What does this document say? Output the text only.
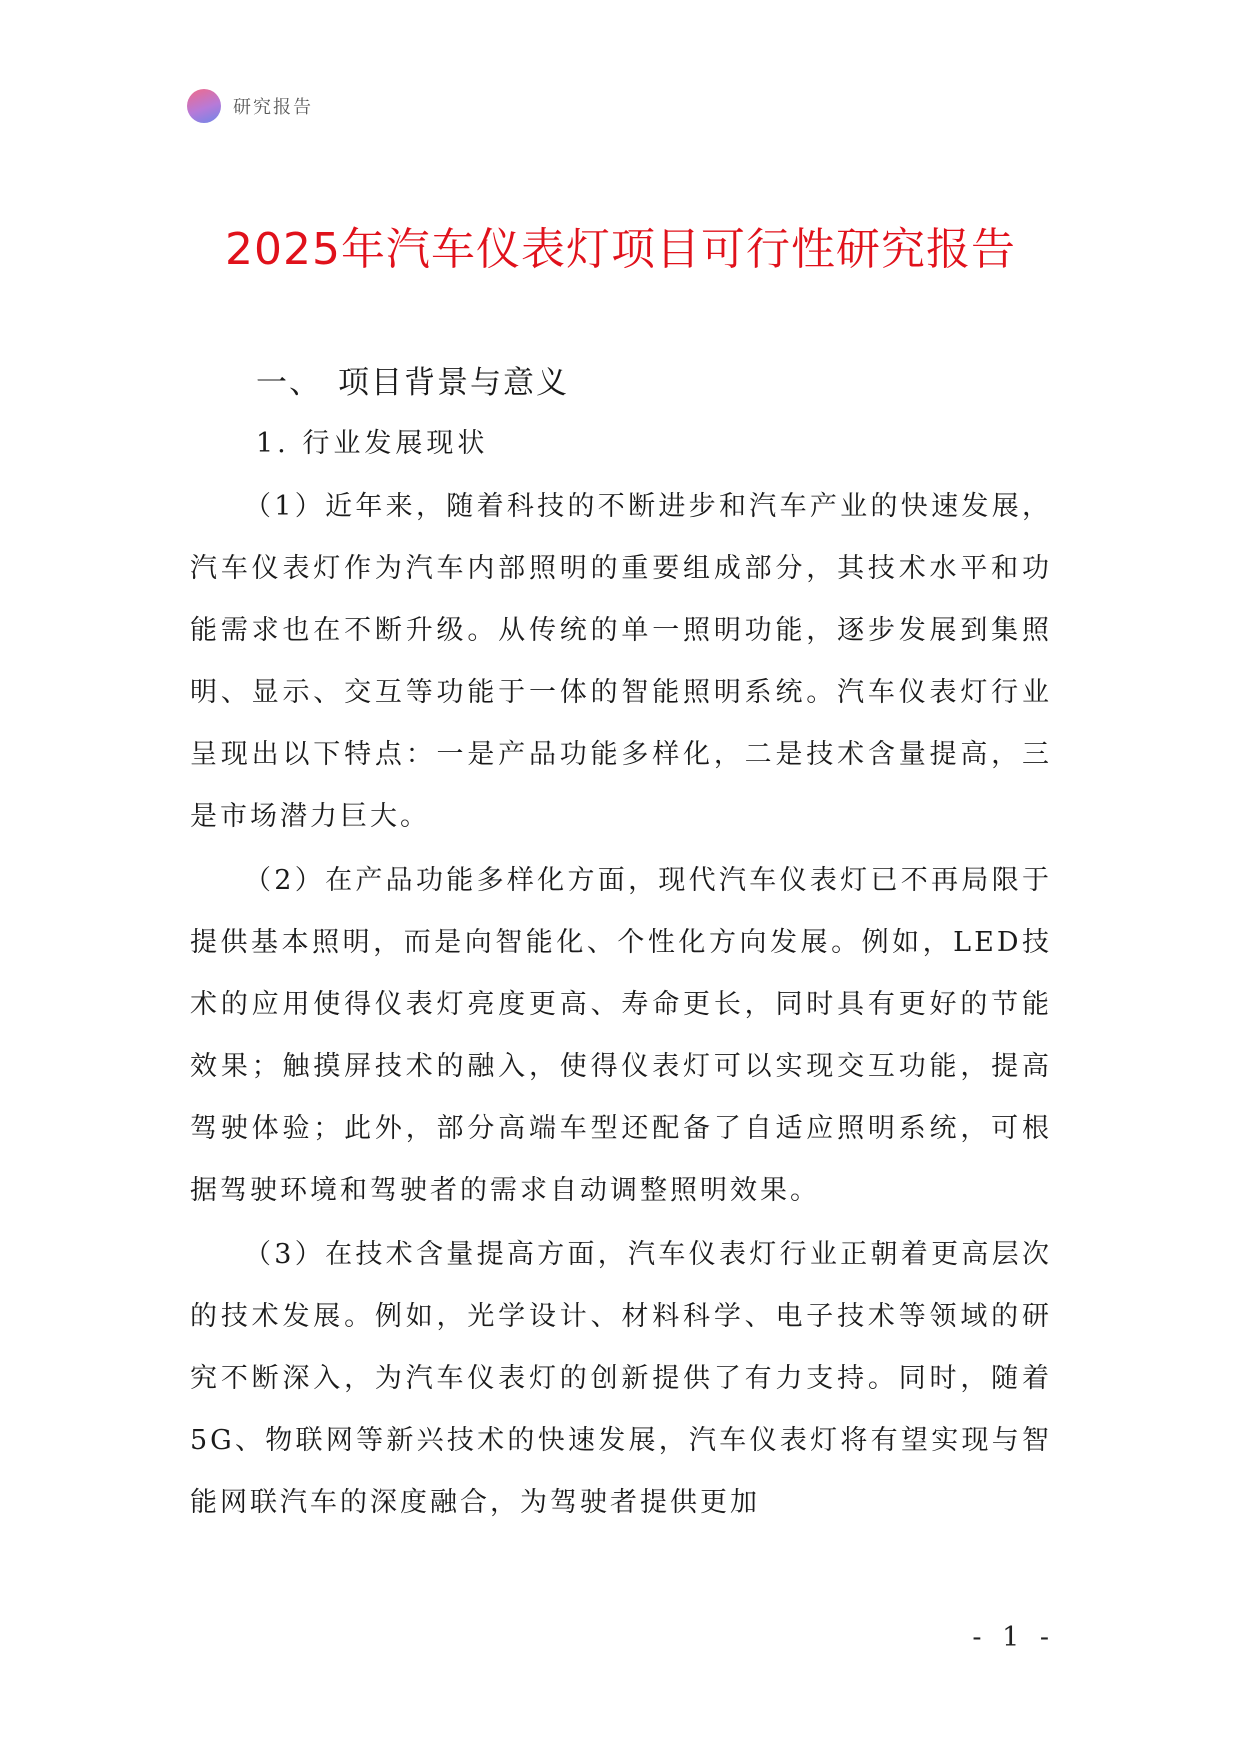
研究报告
2025年汽车仪表灯项目可行性研究报告
一、 项目背景与意义
1. 行业发展现状

（1）近年来，随着科技的不断进步和汽车产业的快速发展，汽车仪表灯作为汽车内部照明的重要组成部分，其技术水平和功能需求也在不断升级。从传统的单一照明功能，逐步发展到集照明、显示、交互等功能于一体的智能照明系统。汽车仪表灯行业呈现出以下特点：一是产品功能多样化，二是技术含量提高，三是市场潜力巨大。

（2）在产品功能多样化方面，现代汽车仪表灯已不再局限于提供基本照明，而是向智能化、个性化方向发展。例如，LED技术的应用使得仪表灯亮度更高、寿命更长，同时具有更好的节能效果；触摸屏技术的融入，使得仪表灯可以实现交互功能，提高驾驶体验；此外，部分高端车型还配备了自适应照明系统，可根据驾驶环境和驾驶者的需求自动调整照明效果。

（3）在技术含量提高方面，汽车仪表灯行业正朝着更高层次的技术发展。例如，光学设计、材料科学、电子技术等领域的研究不断深入，为汽车仪表灯的创新提供了有力支持。同时，随着5G、物联网等新兴技术的快速发展，汽车仪表灯将有望实现与智能网联汽车的深度融合，为驾驶者提供更加

- 1 -
